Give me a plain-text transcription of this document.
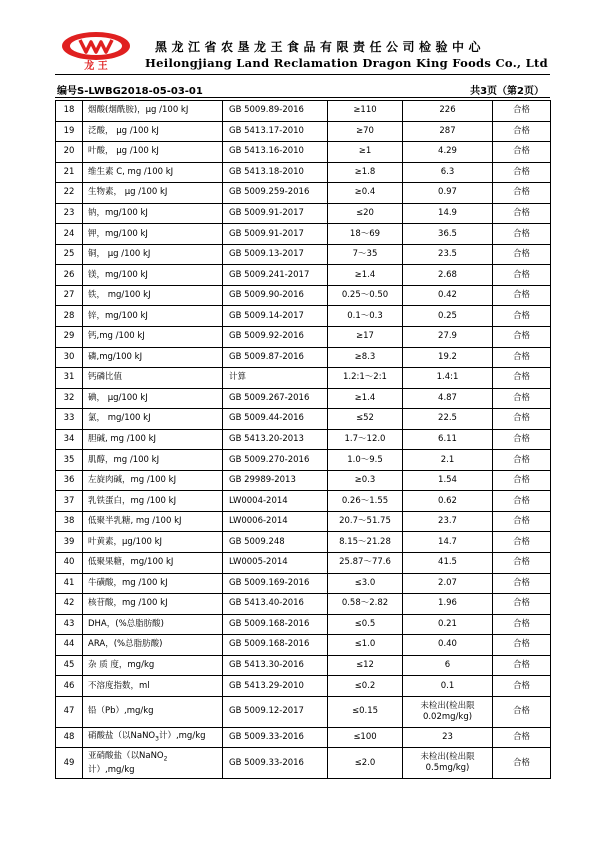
龙 王
黑龙江省农垦龙王食品有限责任公司检验中心
Heilongjiang Land Reclamation Dragon King Foods Co., Ltd
编号S-LWBG2018-05-03-01	共3页（第2页）
18	烟酸(烟酰胺)，μg /100 kJ	GB 5009.89-2016	≥110	226	合格
19	泛酸， μg /100 kJ	GB 5413.17-2010	≥70	287	合格
20	叶酸， μg /100 kJ	GB 5413.16-2010	≥1	4.29	合格
21	维生素 C, mg /100 kJ	GB 5413.18-2010	≥1.8	6.3	合格
22	生物素， μg /100 kJ	GB 5009.259-2016	≥0.4	0.97	合格
23	钠，mg/100 kJ	GB 5009.91-2017	≤20	14.9	合格
24	钾，mg/100 kJ	GB 5009.91-2017	18～69	36.5	合格
25	铜， μg /100 kJ	GB 5009.13-2017	7～35	23.5	合格
26	镁，mg/100 kJ	GB 5009.241-2017	≥1.4	2.68	合格
27	铁， mg/100 kJ	GB 5009.90-2016	0.25～0.50	0.42	合格
28	锌，mg/100 kJ	GB 5009.14-2017	0.1～0.3	0.25	合格
29	钙,mg /100 kJ	GB 5009.92-2016	≥17	27.9	合格
30	磷,mg/100 kJ	GB 5009.87-2016	≥8.3	19.2	合格
31	钙磷比值	计算	1.2:1～2:1	1.4:1	合格
32	碘， μg/100 kJ	GB 5009.267-2016	≥1.4	4.87	合格
33	氯， mg/100 kJ	GB 5009.44-2016	≤52	22.5	合格
34	胆碱, mg /100 kJ	GB 5413.20-2013	1.7～12.0	6.11	合格
35	肌醇，mg /100 kJ	GB 5009.270-2016	1.0～9.5	2.1	合格
36	左旋肉碱，mg /100 kJ	GB 29989-2013	≥0.3	1.54	合格
37	乳铁蛋白，mg /100 kJ	LW0004-2014	0.26～1.55	0.62	合格
38	低聚半乳糖, mg /100 kJ	LW0006-2014	20.7～51.75	23.7	合格
39	叶黄素，μg/100 kJ	GB 5009.248	8.15～21.28	14.7	合格
40	低聚果糖，mg/100 kJ	LW0005-2014	25.87～77.6	41.5	合格
41	牛磺酸，mg /100 kJ	GB 5009.169-2016	≤3.0	2.07	合格
42	核苷酸，mg /100 kJ	GB 5413.40-2016	0.58～2.82	1.96	合格
43	DHA，(%总脂肪酸)	GB 5009.168-2016	≤0.5	0.21	合格
44	ARA，(%总脂肪酸)	GB 5009.168-2016	≤1.0	0.40	合格
45	杂 质 度，mg/kg	GB 5413.30-2016	≤12	6	合格
46	不溶度指数，ml	GB 5413.29-2010	≤0.2	0.1	合格
47	铅（Pb）,mg/kg	GB 5009.12-2017	≤0.15	未检出(检出限
0.02mg/kg)	合格
48	硝酸盐（以NaNO$_3$计）,mg/kg	GB 5009.33-2016	≤100	23	合格
49	亚硝酸盐（以NaNO$_2$
计）,mg/kg	GB 5009.33-2016	≤2.0	未检出(检出限
0.5mg/kg)	合格
